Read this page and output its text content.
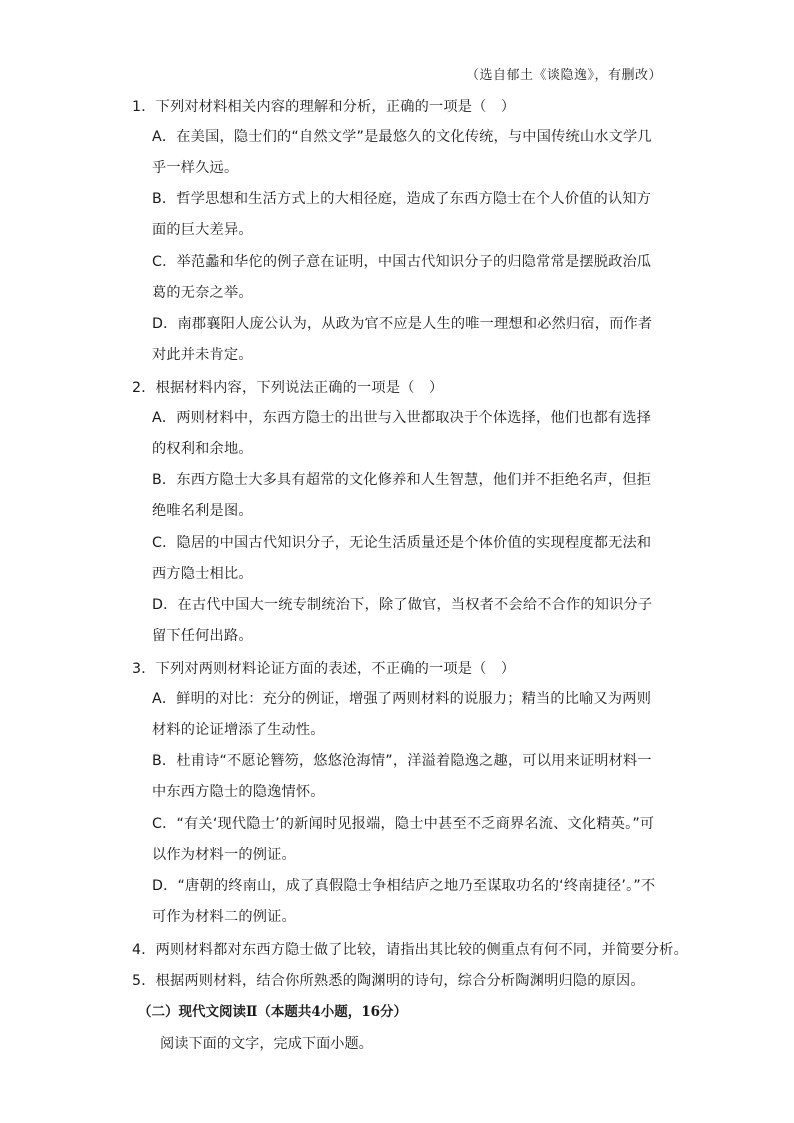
（选自郁土《谈隐逸》，有删改）
1．下列对材料相关内容的理解和分析，正确的一项是（　）
A．在美国，隐士们的“自然文学”是最悠久的文化传统，与中国传统山水文学几乎一样久远。
B．哲学思想和生活方式上的大相径庭，造成了东西方隐士在个人价值的认知方面的巨大差异。
C．举范蠡和华佗的例子意在证明，中国古代知识分子的归隐常常是摆脱政治瓜葛的无奈之举。
D．南郡襄阳人庞公认为，从政为官不应是人生的唯一理想和必然归宿，而作者对此并未肯定。
2．根据材料内容，下列说法正确的一项是（　）
A．两则材料中，东西方隐士的出世与入世都取决于个体选择，他们也都有选择的权利和余地。
B．东西方隐士大多具有超常的文化修养和人生智慧，他们并不拒绝名声，但拒绝唯名利是图。
C．隐居的中国古代知识分子，无论生活质量还是个体价值的实现程度都无法和西方隐士相比。
D．在古代中国大一统专制统治下，除了做官，当权者不会给不合作的知识分子留下任何出路。
3．下列对两则材料论证方面的表述，不正确的一项是（　）
A．鲜明的对比：充分的例证，增强了两则材料的说服力；精当的比喻又为两则材料的论证增添了生动性。
B．杜甫诗“不愿论簪笏，悠悠沧海情”，洋溢着隐逸之趣，可以用来证明材料一中东西方隐士的隐逸情怀。
C．“有关‘现代隐士’的新闻时见报端，隐士中甚至不乏商界名流、文化精英。”可以作为材料一的例证。
D．“唐朝的终南山，成了真假隐士争相结庐之地乃至谋取功名的‘终南捷径’。”不可作为材料二的例证。
4．两则材料都对东西方隐士做了比较，请指出其比较的侧重点有何不同，并简要分析。
5．根据两则材料，结合你所熟悉的陶渊明的诗句，综合分析陶渊明归隐的原因。
（二）现代文阅读Ⅱ（本题共4小题，16分）
阅读下面的文字，完成下面小题。
